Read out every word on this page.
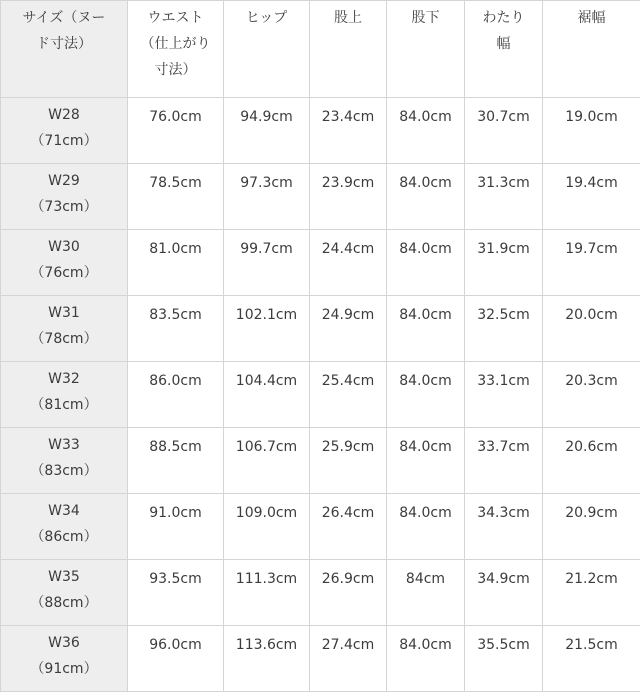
サイズ（ヌー
ド寸法）	ウエスト
（仕上がり
寸法）	ヒップ	股上	股下	わたり
幅	裾幅

W28
（71cm）	76.0cm	94.9cm	23.4cm	84.0cm	30.7cm	19.0cm

W29
（73cm）	78.5cm	97.3cm	23.9cm	84.0cm	31.3cm	19.4cm

W30
（76cm）	81.0cm	99.7cm	24.4cm	84.0cm	31.9cm	19.7cm

W31
（78cm）	83.5cm	102.1cm	24.9cm	84.0cm	32.5cm	20.0cm

W32
（81cm）	86.0cm	104.4cm	25.4cm	84.0cm	33.1cm	20.3cm

W33
（83cm）	88.5cm	106.7cm	25.9cm	84.0cm	33.7cm	20.6cm

W34
（86cm）	91.0cm	109.0cm	26.4cm	84.0cm	34.3cm	20.9cm

W35
（88cm）	93.5cm	111.3cm	26.9cm	84cm	34.9cm	21.2cm

W36
（91cm）	96.0cm	113.6cm	27.4cm	84.0cm	35.5cm	21.5cm
